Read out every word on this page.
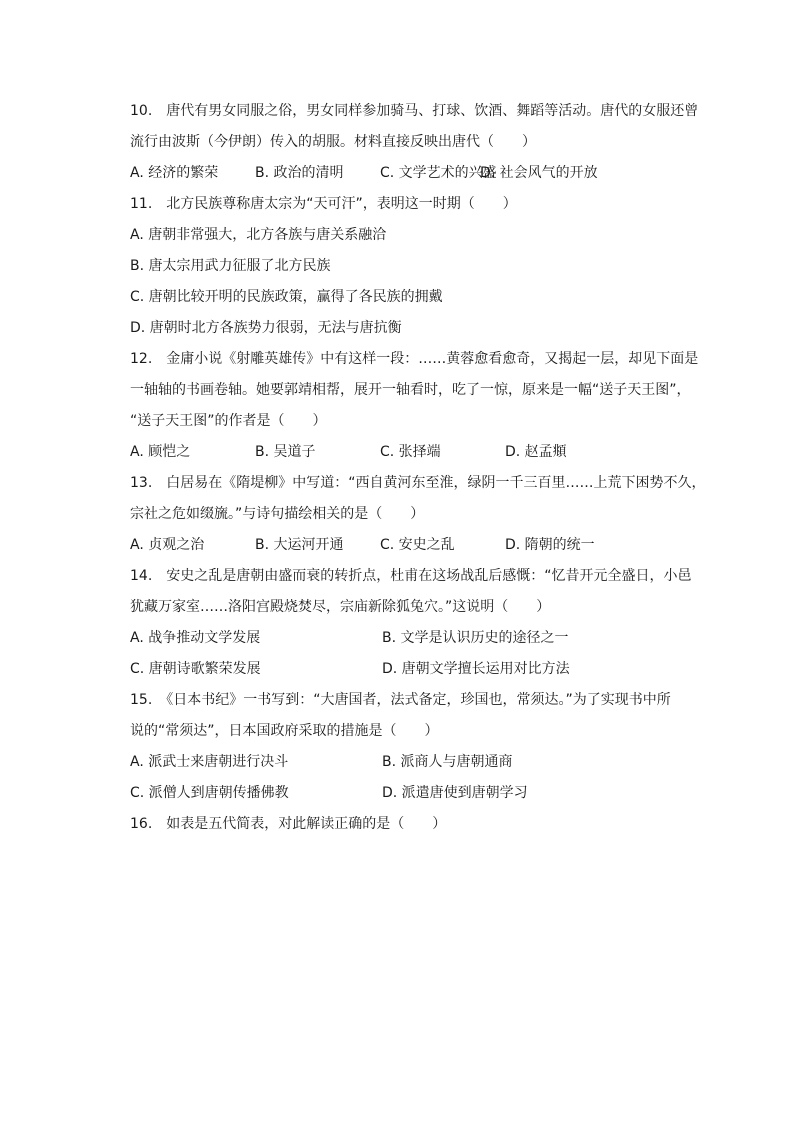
10.　唐代有男女同服之俗，男女同样参加骑马、打球、饮酒、舞蹈等活动。唐代的女服还曾
流行由波斯（今伊朗）传入的胡服。材料直接反映出唐代（　　）
A. 经济的繁荣	B. 政治的清明	C. 文学艺术的兴盛
D. 社会风气的开放
11.　北方民族尊称唐太宗为“天可汗”，表明这一时期（　　）
A. 唐朝非常强大，北方各族与唐关系融洽
B. 唐太宗用武力征服了北方民族
C. 唐朝比较开明的民族政策，赢得了各民族的拥戴
D. 唐朝时北方各族势力很弱，无法与唐抗衡
12.　金庸小说《射雕英雄传》中有这样一段：……黄蓉愈看愈奇，又揭起一层，却见下面是
一轴轴的书画卷轴。她要郭靖相帮，展开一轴看时，吃了一惊，原来是一幅“送子天王图”，
“送子天王图”的作者是（　　）
A. 顾恺之	B. 吴道子	C. 张择端	D. 赵孟頫
13.　白居易在《隋堤柳》中写道：“西自黄河东至淮，绿阴一千三百里……上荒下困势不久，
宗社之危如缀旒。”与诗句描绘相关的是（　　）
A. 贞观之治	B. 大运河开通	C. 安史之乱	D. 隋朝的统一
14.　安史之乱是唐朝由盛而衰的转折点，杜甫在这场战乱后感慨：“忆昔开元全盛日，小邑
犹藏万家室……洛阳宫殿烧焚尽，宗庙新除狐兔穴。”这说明（　　）
A. 战争推动文学发展	B. 文学是认识历史的途径之一
C. 唐朝诗歌繁荣发展	D. 唐朝文学擅长运用对比方法
15.　《日本书纪》一书写到：“大唐国者，法式备定，珍国也，常须达。”为了实现书中所
说的“常须达”，日本国政府采取的措施是（　　）
A. 派武士来唐朝进行决斗	B. 派商人与唐朝通商
C. 派僧人到唐朝传播佛教	D. 派遣唐使到唐朝学习
16.　如表是五代简表，对此解读正确的是（　　）
